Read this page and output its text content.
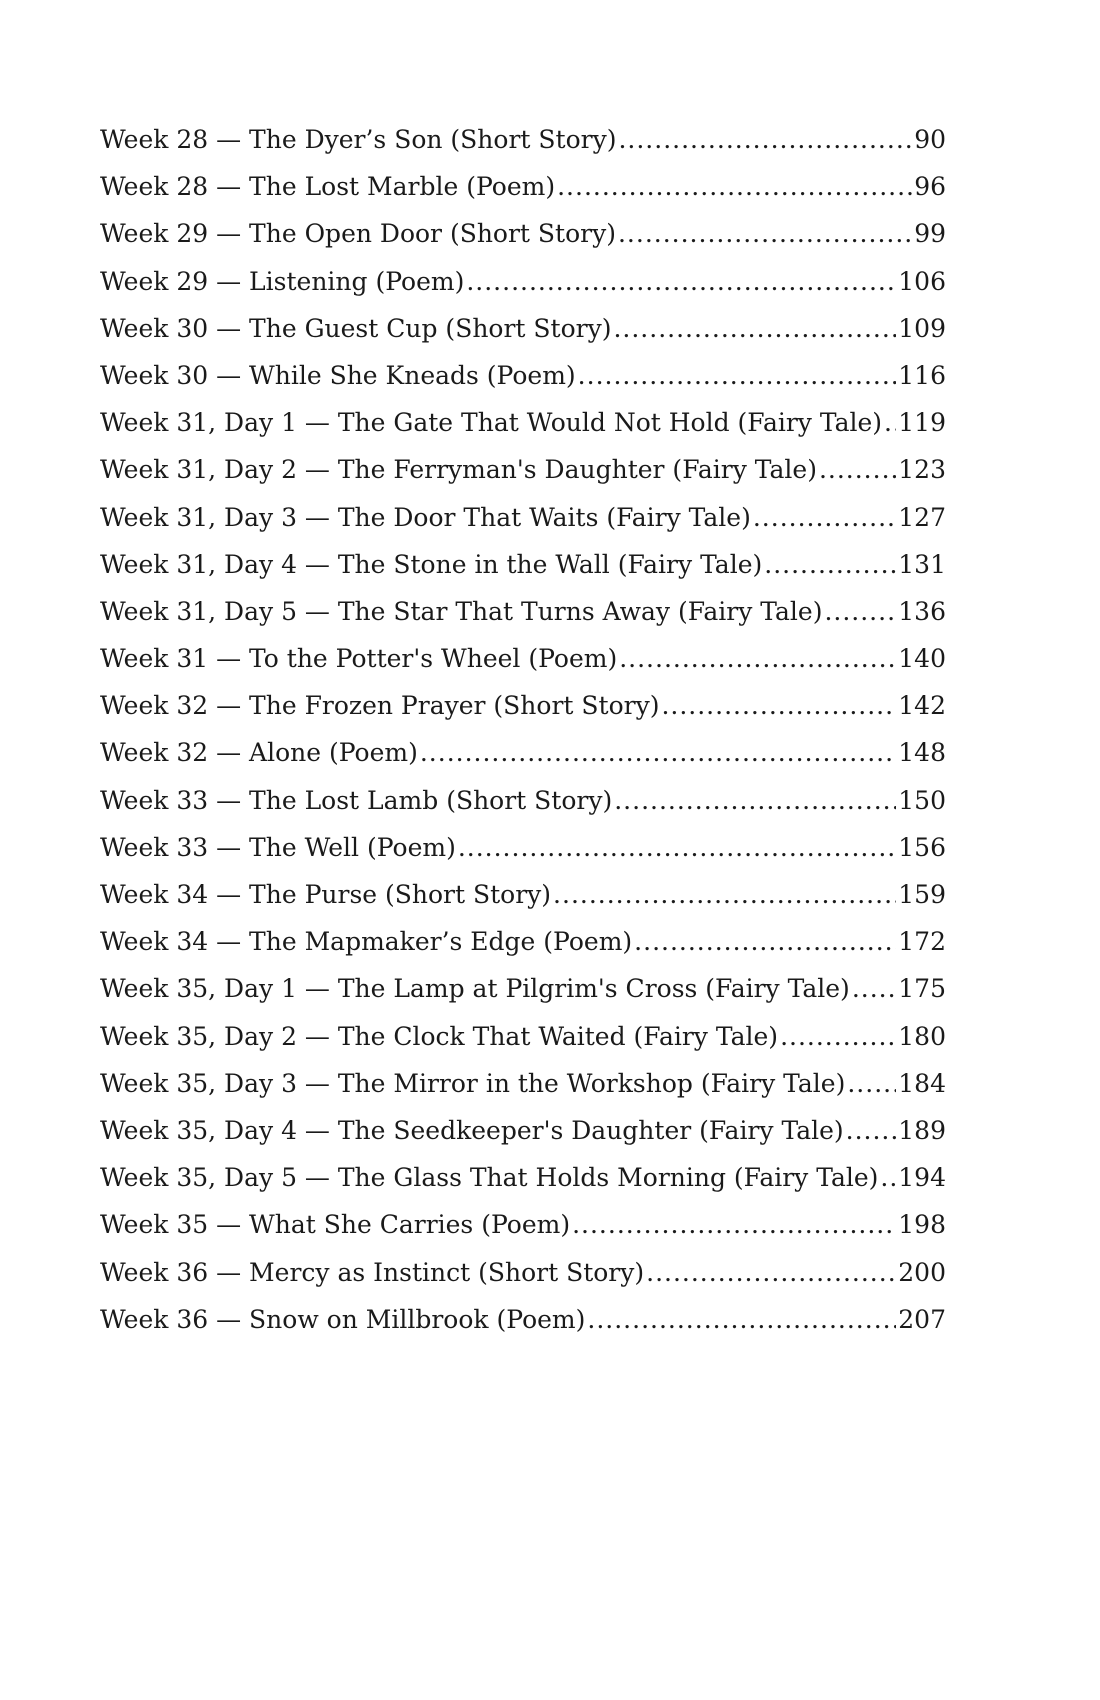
Week 28 — The Dyer’s Son (Short Story) .....	90
Week 28 — The Lost Marble (Poem) .....	96
Week 29 — The Open Door (Short Story) .....	99
Week 29 — Listening (Poem) .....	106
Week 30 — The Guest Cup (Short Story) .....	109
Week 30 — While She Kneads (Poem) .....	116
Week 31, Day 1 — The Gate That Would Not Hold (Fairy Tale) ..... 119
Week 31, Day 2 — The Ferryman's Daughter (Fairy Tale) .....	123
Week 31, Day 3 — The Door That Waits (Fairy Tale) .....	127
Week 31, Day 4 — The Stone in the Wall (Fairy Tale) .....	131
Week 31, Day 5 — The Star That Turns Away (Fairy Tale) .....	136
Week 31 — To the Potter's Wheel (Poem) .....	140
Week 32 — The Frozen Prayer (Short Story) .....	142
Week 32 — Alone (Poem) .....	148
Week 33 — The Lost Lamb (Short Story) .....	150
Week 33 — The Well (Poem) .....	156
Week 34 — The Purse (Short Story) .....	159
Week 34 — The Mapmaker’s Edge (Poem) .....	172
Week 35, Day 1 — The Lamp at Pilgrim's Cross (Fairy Tale) ..... 175
Week 35, Day 2 — The Clock That Waited (Fairy Tale) .....	180
Week 35, Day 3 — The Mirror in the Workshop (Fairy Tale) ..... 184
Week 35, Day 4 — The Seedkeeper's Daughter (Fairy Tale) ..... 189
Week 35, Day 5 — The Glass That Holds Morning (Fairy Tale) ..... 194
Week 35 — What She Carries (Poem) .....	198
Week 36 — Mercy as Instinct (Short Story) .....	200
Week 36 — Snow on Millbrook (Poem) .....	207
